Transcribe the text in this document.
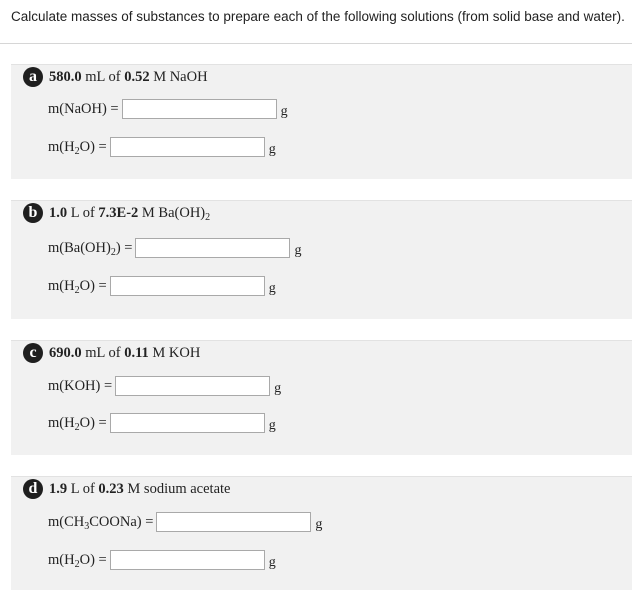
Calculate masses of substances to prepare each of the following solutions (from solid base and water).
a 580.0
mL of
0.52
M NaOH
m(NaOH)
=	g
$m(H_2O)$
=	g
b 1.0
L of
7.3E-2
M $Ba(OH)_2$
$m(Ba(OH)_2)$
=	g
$m(H_2O)$
=	g
c 690.0
mL of
0.11
M KOH
m(KOH)
=	g
$m(H_2O)$
=	g
d 1.9
L of
0.23
M sodium acetate
$m(CH_3COONa)$
=	g
$m(H_2O)$
=	g
